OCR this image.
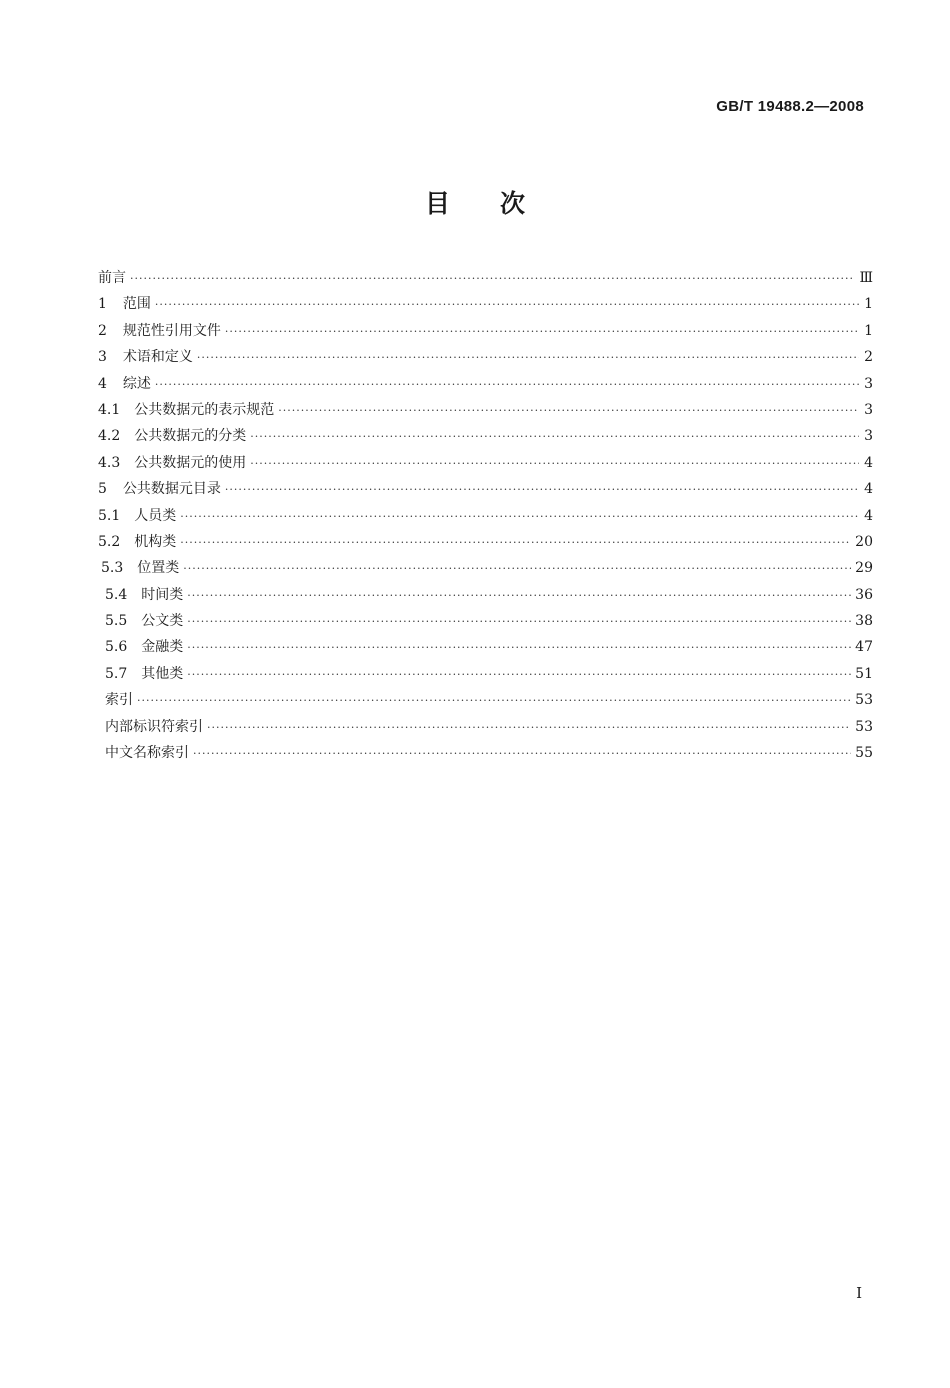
GB/T 19488.2—2008
目　　次
前言 ·····	Ⅲ
1 范围 ·····	1
2 规范性引用文件 ·····	1
3 术语和定义 ·····	2
4 综述 ·····	3
4.1 公共数据元的表示规范 ·····	3
4.2 公共数据元的分类 ·····	3
4.3 公共数据元的使用 ·····	4
5 公共数据元目录 ·····	4
5.1 人员类 ·····	4
5.2 机构类 ·····	20
5.3 位置类 ·····	29
5.4 时间类 ·····	36
5.5 公文类 ·····	38
5.6 金融类 ·····	47
5.7 其他类 ·····	51
索引 ·····	53
内部标识符索引 ·····	53
中文名称索引 ·····	55
I
